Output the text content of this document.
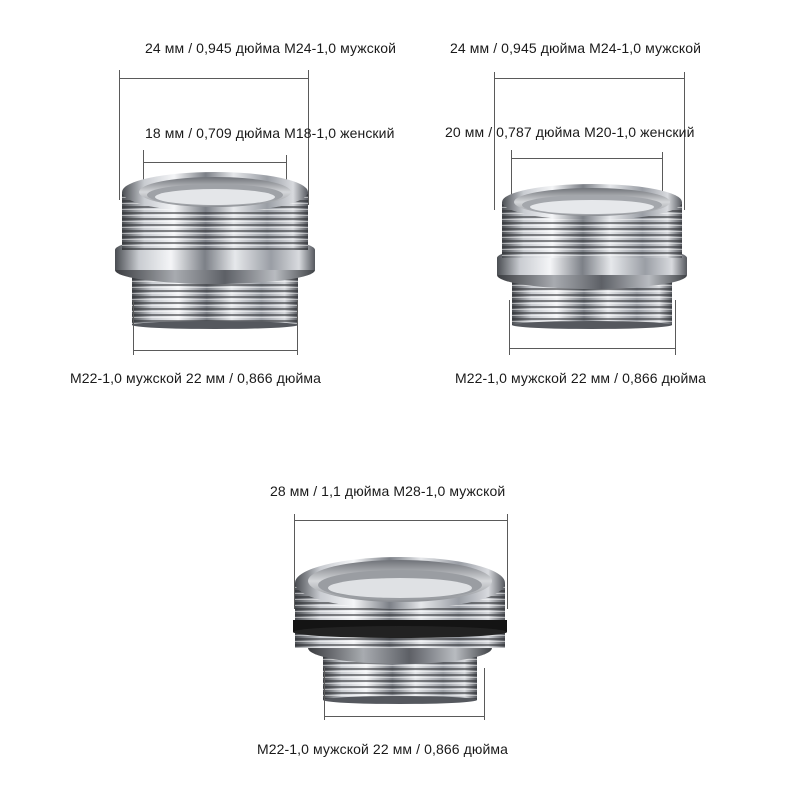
24 мм / 0,945 дюйма M24-1,0 мужской
18 мм / 0,709 дюйма M18-1,0 женский
M22-1,0 мужской 22 мм / 0,866 дюйма
24 мм / 0,945 дюйма M24-1,0 мужской
20 мм / 0,787 дюйма M20-1,0 женский
M22-1,0 мужской 22 мм / 0,866 дюйма
28 мм / 1,1 дюйма M28-1,0 мужской
M22-1,0 мужской 22 мм / 0,866 дюйма
